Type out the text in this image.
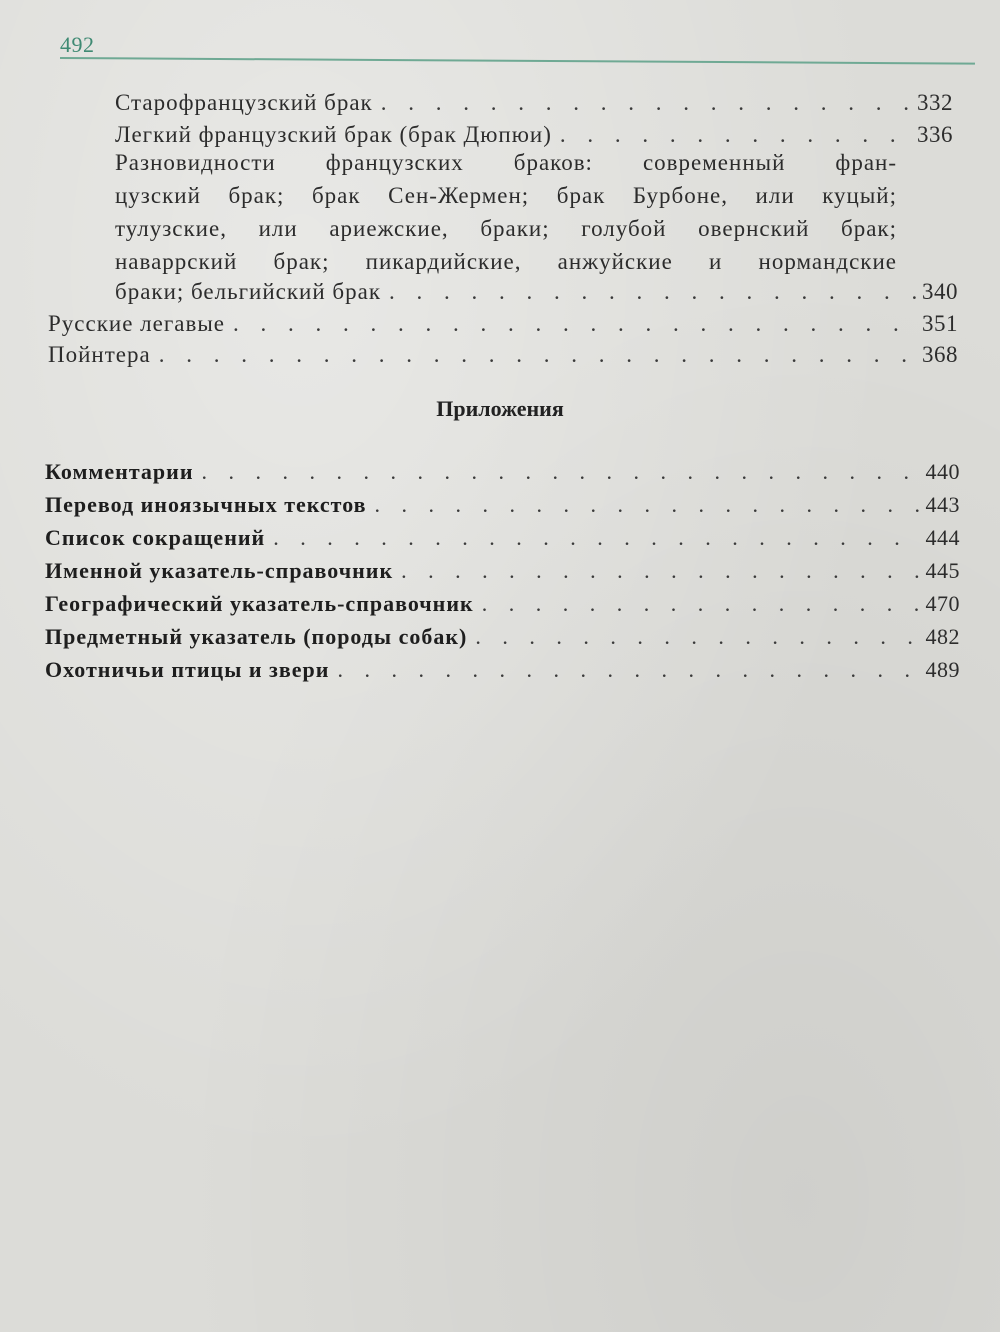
492
Старофранцузский брак . . .	332
Легкий французский брак (брак Дюпюи) . . .	336
Разновидности французских браков: современный фран-
цузский брак; брак Сен-Жермен; брак Бурбоне, или куцый;
тулузские, или ариежские, браки; голубой овернский брак;
наваррский брак; пикардийские, анжуйские и нормандские
браки; бельгийский брак . . .	340
Русские легавые . . .	351
Пойнтера . . .	368
Приложения
Комментарии . . .	440
Перевод иноязычных текстов . . .	443
Список сокращений . . .	444
Именной указатель-справочник . . .	445
Географический указатель-справочник . . .	470
Предметный указатель (породы собак) . . .	482
Охотничьи птицы и звери . . .	489
